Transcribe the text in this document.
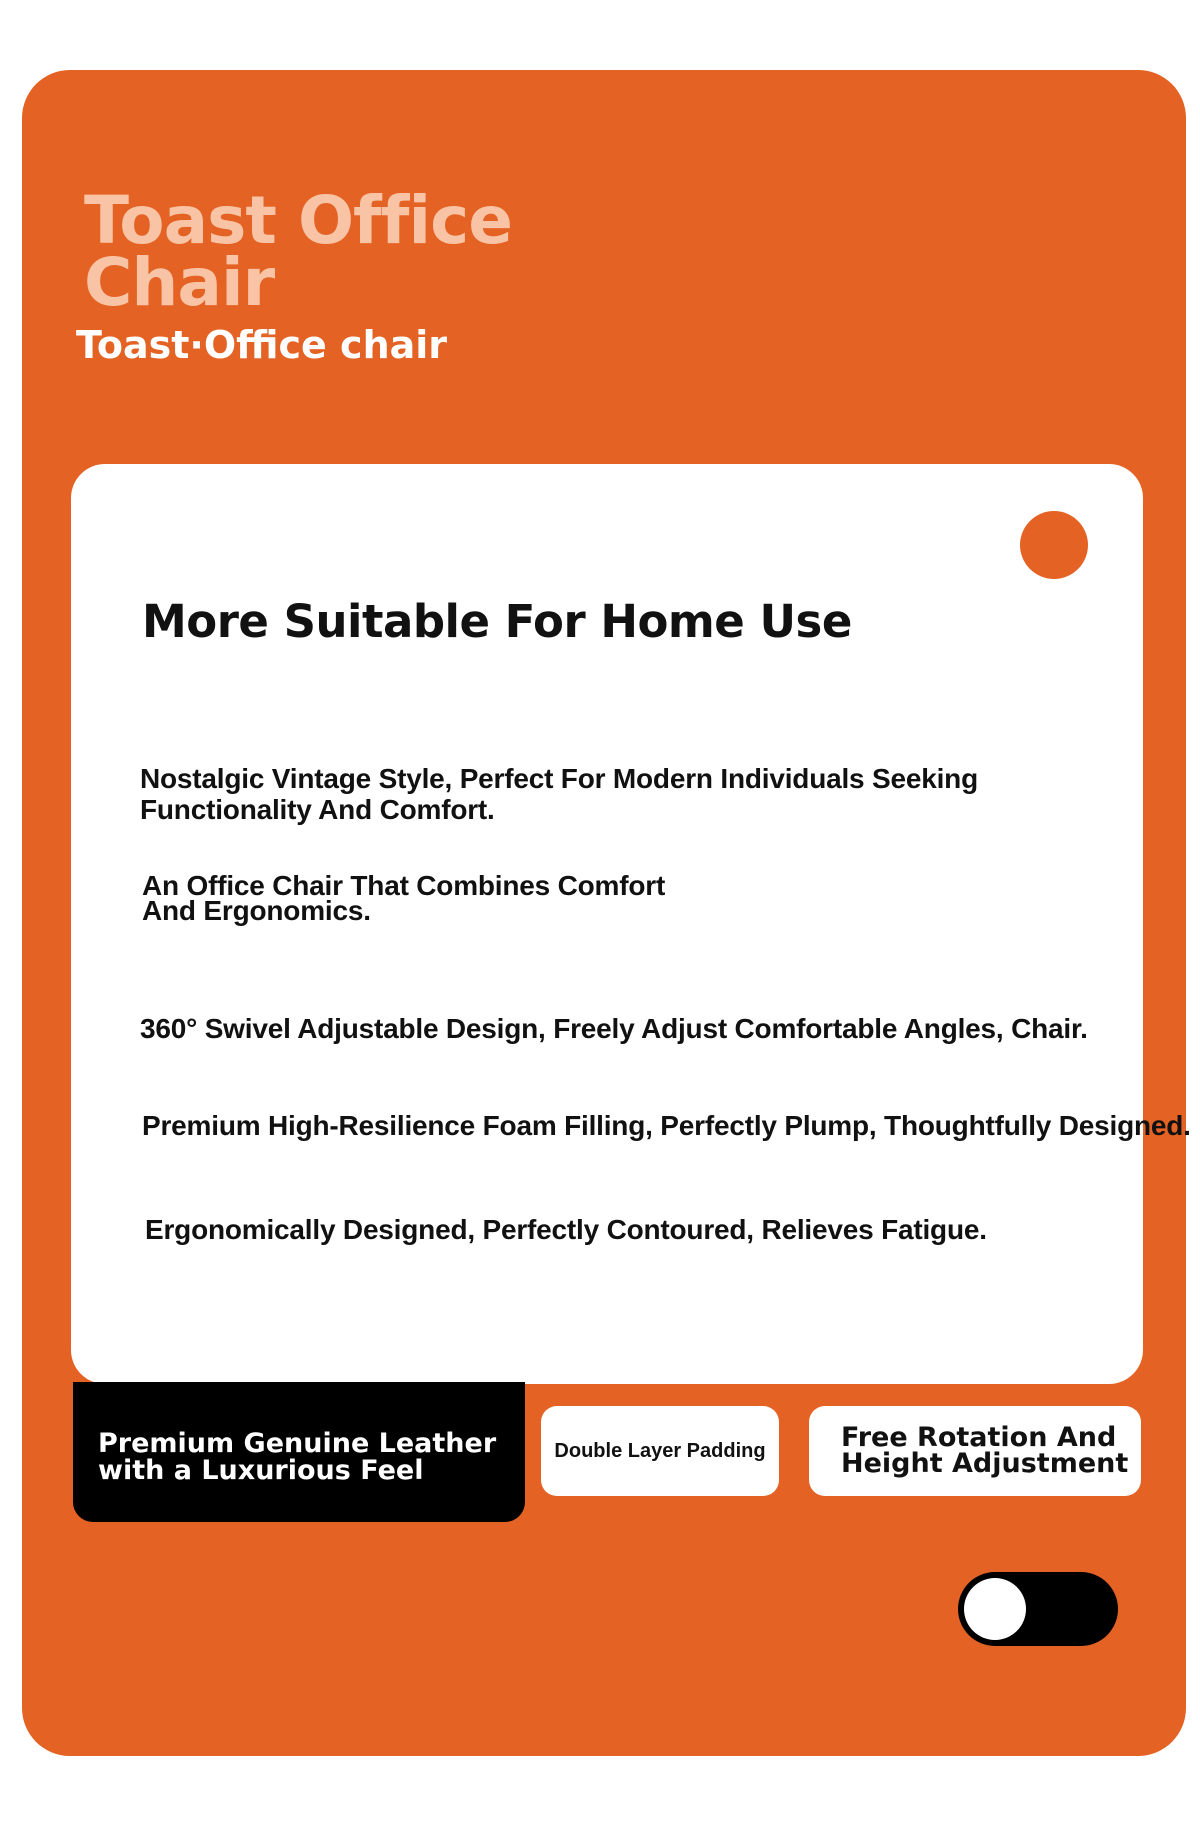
Toast Office Chair
Toast·Office chair
More Suitable For Home Use

Nostalgic Vintage Style, Perfect For Modern Individuals Seeking Functionality And Comfort.

An Office Chair That Combines Comfort And Ergonomics.

360° Swivel Adjustable Design, Freely Adjust Comfortable Angles, Chair.

Premium High-Resilience Foam Filling, Perfectly Plump, Thoughtfully Designed.

Ergonomically Designed, Perfectly Contoured, Relieves Fatigue.

Premium Genuine Leather with a Luxurious Feel

Double Layer Padding	Free Rotation And Height Adjustment
